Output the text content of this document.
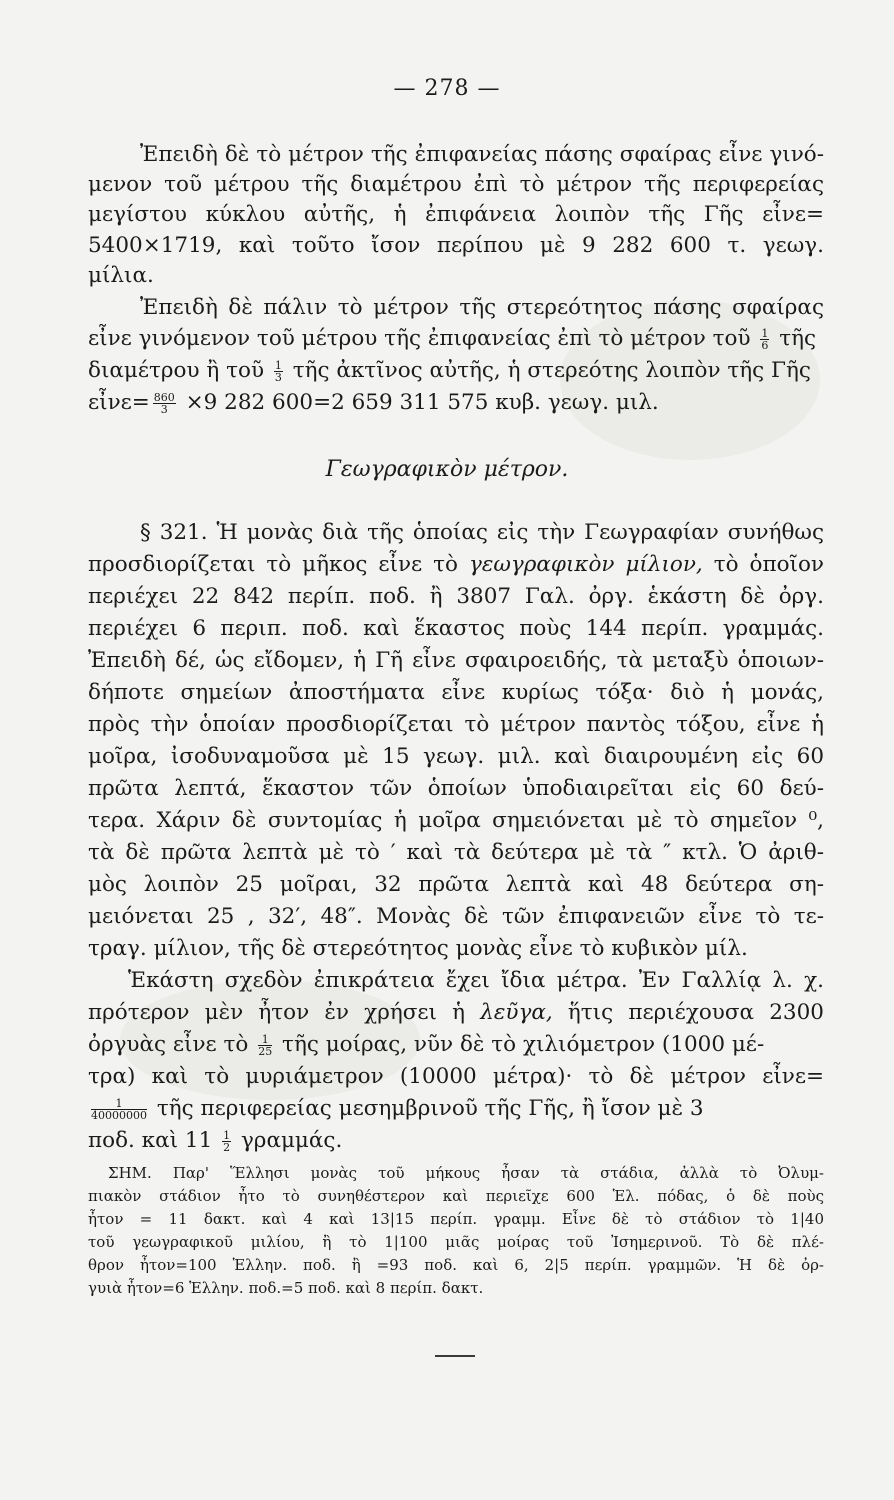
— 278 —
Ἐπειδὴ δὲ τὸ μέτρον τῆς ἐπιφανείας πάσης σφαίρας εἶνε γινό-
μενον τοῦ μέτρου τῆς διαμέτρου ἐπὶ τὸ μέτρον τῆς περιφερείας
μεγίστου κύκλου αὐτῆς, ἡ ἐπιφάνεια λοιπὸν τῆς Γῆς εἶνε=
5400×1719, καὶ τοῦτο ἴσον περίπου μὲ 9 282 600 τ. γεωγ.
μίλια.
Ἐπειδὴ δὲ πάλιν τὸ μέτρον τῆς στερεότητος πάσης σφαίρας
εἶνε γινόμενον τοῦ μέτρου τῆς ἐπιφανείας ἐπὶ τὸ μέτρον τοῦ $\frac{1}{6}$ τῆς
διαμέτρου ἢ τοῦ $\frac{1}{3}$ τῆς ἀκτῖνος αὐτῆς, ἡ στερεότης λοιπὸν τῆς Γῆς
εἶνε= $\frac{860}{3} \times 9$ 282 600=2 659 311 575 κυβ. γεωγ. μιλ.
Γεωγραφικὸν μέτρον.
§ 321. Ἡ μονὰς διὰ τῆς ὁποίας εἰς τὴν Γεωγραφίαν συνήθως
προσδιορίζεται τὸ μῆκος εἶνε τὸ γεωγραφικὸν μίλιον, τὸ ὁποῖον
περιέχει 22 842 περίπ. ποδ. ἢ 3807 Γαλ. ὀργ. ἑκάστη δὲ ὀργ.
περιέχει 6 περιπ. ποδ. καὶ ἕκαστος ποὺς 144 περίπ. γραμμάς.
Ἐπειδὴ δέ, ὡς εἴδομεν, ἡ Γῆ εἶνε σφαιροειδής, τὰ μεταξὺ ὁποιων-
δήποτε σημείων ἀποστήματα εἶνε κυρίως τόξα· διὸ ἡ μονάς,
πρὸς τὴν ὁποίαν προσδιορίζεται τὸ μέτρον παντὸς τόξου, εἶνε ἡ
μοῖρα, ἰσοδυναμοῦσα μὲ 15 γεωγ. μιλ. καὶ διαιρουμένη εἰς 60
πρῶτα λεπτά, ἕκαστον τῶν ὁποίων ὑποδιαιρεῖται εἰς 60 δεύ-
τερα. Χάριν δὲ συντομίας ἡ μοῖρα σημειόνεται μὲ τὸ σημεῖον ⁰,
τὰ δὲ πρῶτα λεπτὰ μὲ τὸ ′ καὶ τὰ δεύτερα μὲ τὰ ″ κτλ. Ὁ ἀριθ-
μὸς λοιπὸν 25 μοῖραι, 32 πρῶτα λεπτὰ καὶ 48 δεύτερα ση-
μειόνεται 25 , 32′, 48″. Μονὰς δὲ τῶν ἐπιφανειῶν εἶνε τὸ τε-
τραγ. μίλιον, τῆς δὲ στερεότητος μονὰς εἶνε τὸ κυβικὸν μίλ.
Ἑκάστη σχεδὸν ἐπικράτεια ἔχει ἴδια μέτρα. Ἐν Γαλλίᾳ λ. χ.
πρότερον μὲν ἦτον ἐν χρήσει ἡ λεῦγα, ἥτις περιέχουσα 2300
ὀργυὰς εἶνε τὸ $\frac{1}{25}$ τῆς μοίρας, νῦν δὲ τὸ χιλιόμετρον (1000 μέ-
τρα) καὶ τὸ μυριάμετρον (10000 μέτρα)· τὸ δὲ μέτρον εἶνε=
$\frac{1}{40000000}$ τῆς περιφερείας μεσημβρινοῦ τῆς Γῆς, ἢ ἴσον μὲ 3
ποδ. καὶ $11 \frac{1}{2} \gamma\rho\alpha\mu\mu ά\varsigma$.
ΣΗΜ. Παρ' Ἕλλησι μονὰς τοῦ μήκους ἦσαν τὰ στάδια, ἀλλὰ τὸ Ὀλυμ-
πιακὸν στάδιον ἦτο τὸ συνηθέστερον καὶ περιεῖχε 600 Ἑλ. πόδας, ὁ δὲ ποὺς
ἦτον = 11 δακτ. καὶ 4 καὶ 13|15 περίπ. γραμμ. Εἶνε δὲ τὸ στάδιον τὸ 1|40
τοῦ γεωγραφικοῦ μιλίου, ἢ τὸ 1|100 μιᾶς μοίρας τοῦ Ἰσημερινοῦ. Τὸ δὲ πλέ-
θρον ἦτον=100 Ἑλλην. ποδ. ἢ =93 ποδ. καὶ 6, 2|5 περίπ. γραμμῶν. Ἡ δὲ ὀρ-
γυιὰ ἦτον=6 Ἑλλην. ποδ.=5 ποδ. καὶ 8 περίπ. δακτ.
